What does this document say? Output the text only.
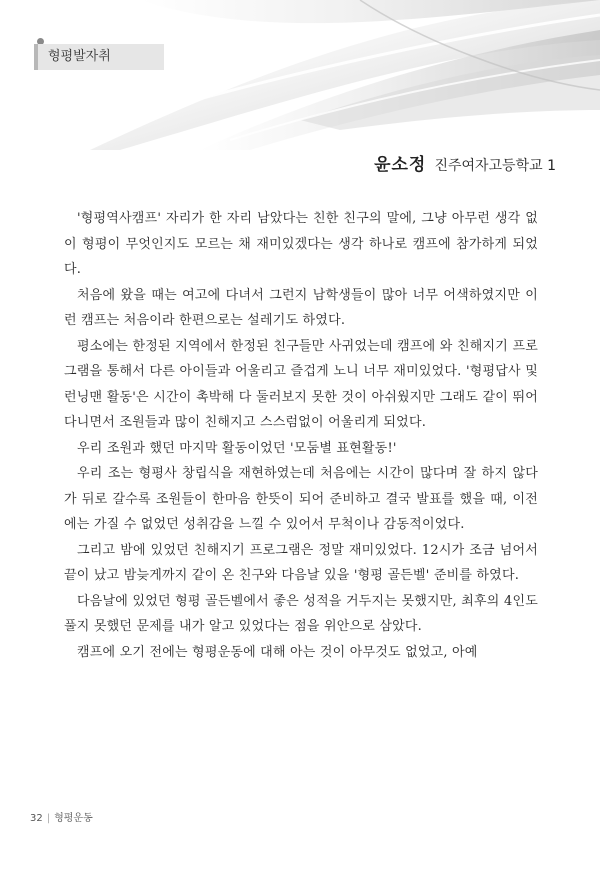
형평발자취
윤소정 진주여자고등학교 1

'형평역사캠프' 자리가 한 자리 남았다는 친한 친구의 말에, 그냥 아무런 생각 없이 형평이 무엇인지도 모르는 채 재미있겠다는 생각 하나로 캠프에 참가하게 되었다.

처음에 왔을 때는 여고에 다녀서 그런지 남학생들이 많아 너무 어색하였지만 이런 캠프는 처음이라 한편으로는 설레기도 하였다.

평소에는 한정된 지역에서 한정된 친구들만 사귀었는데 캠프에 와 친해지기 프로그램을 통해서 다른 아이들과 어울리고 즐겁게 노니 너무 재미있었다. '형평답사 및 런닝맨 활동'은 시간이 촉박해 다 둘러보지 못한 것이 아쉬웠지만 그래도 같이 뛰어다니면서 조원들과 많이 친해지고 스스럼없이 어울리게 되었다.

우리 조원과 했던 마지막 활동이었던 '모둠별 표현활동!'

우리 조는 형평사 창립식을 재현하였는데 처음에는 시간이 많다며 잘 하지 않다가 뒤로 갈수록 조원들이 한마음 한뜻이 되어 준비하고 결국 발표를 했을 때, 이전에는 가질 수 없었던 성취감을 느낄 수 있어서 무척이나 감동적이었다.

그리고 밤에 있었던 친해지기 프로그램은 정말 재미있었다. 12시가 조금 넘어서 끝이 났고 밤늦게까지 같이 온 친구와 다음날 있을 '형평 골든벨' 준비를 하였다.

다음날에 있었던 형평 골든벨에서 좋은 성적을 거두지는 못했지만, 최후의 4인도 풀지 못했던 문제를 내가 알고 있었다는 점을 위안으로 삼았다.

캠프에 오기 전에는 형평운동에 대해 아는 것이 아무것도 없었고, 아예

32 | 형평운동
